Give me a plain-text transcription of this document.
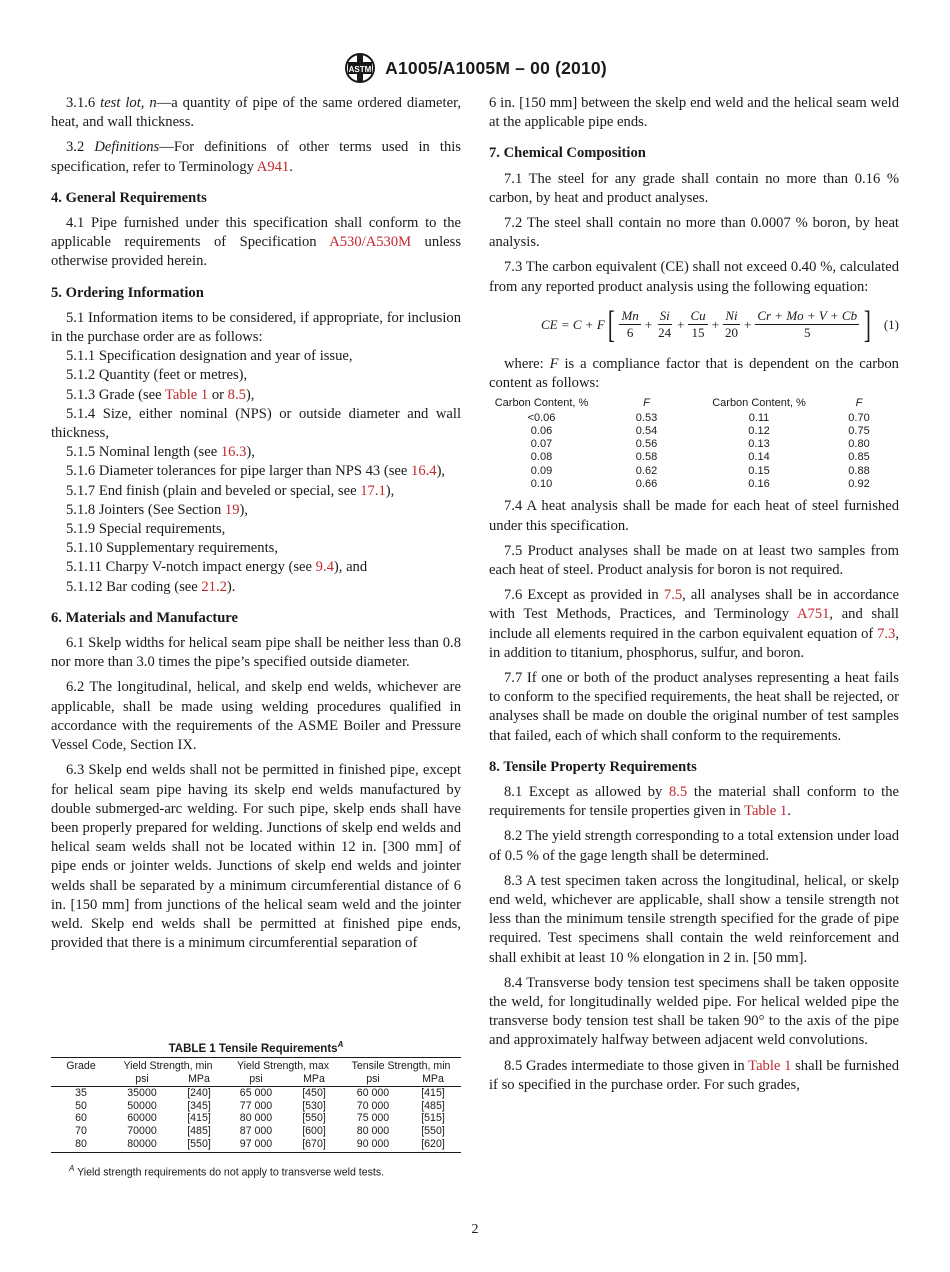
ASTM A1005/A1005M – 00 (2010)

3.1.6 test lot, n—a quantity of pipe of the same ordered diameter, heat, and wall thickness.

3.2 Definitions—For definitions of other terms used in this specification, refer to Terminology A941.

4. General Requirements

4.1 Pipe furnished under this specification shall conform to the applicable requirements of Specification A530/A530M unless otherwise provided herein.

5. Ordering Information

5.1 Information items to be considered, if appropriate, for inclusion in the purchase order are as follows:

5.1.1 Specification designation and year of issue,

5.1.2 Quantity (feet or metres),

5.1.3 Grade (see Table 1 or 8.5),

5.1.4 Size, either nominal (NPS) or outside diameter and wall thickness,

5.1.5 Nominal length (see 16.3),

5.1.6 Diameter tolerances for pipe larger than NPS 43 (see 16.4),

5.1.7 End finish (plain and beveled or special, see 17.1),

5.1.8 Jointers (See Section 19),

5.1.9 Special requirements,

5.1.10 Supplementary requirements,

5.1.11 Charpy V-notch impact energy (see 9.4), and

5.1.12 Bar coding (see 21.2).

6. Materials and Manufacture

6.1 Skelp widths for helical seam pipe shall be neither less than 0.8 nor more than 3.0 times the pipe’s specified outside diameter.

6.2 The longitudinal, helical, and skelp end welds, whichever are applicable, shall be made using welding procedures qualified in accordance with the requirements of the ASME Boiler and Pressure Vessel Code, Section IX.

6.3 Skelp end welds shall not be permitted in finished pipe, except for helical seam pipe having its skelp end welds manufactured by double submerged-arc welding. For such pipe, skelp ends shall have been properly prepared for welding. Junctions of skelp end welds and helical seam welds shall not be located within 12 in. [300 mm] of pipe ends or jointer welds. Junctions of skelp end welds and jointer welds shall be separated by a minimum circumferential distance of 6 in. [150 mm] from junctions of the helical seam weld and the jointer weld. Skelp end welds shall be permitted at finished pipe ends, provided that there is a minimum circumferential separation of

TABLE 1 Tensile Requirements$^A$
Grade	Yield Strength, min		Yield Strength, max		Tensile Strength, min	
	psi	MPa	psi	MPa	psi	MPa
35	35000	[240]	65 000	[450]	60 000	[415]
50	50000	[345]	77 000	[530]	70 000	[485]
60	60000	[415]	80 000	[550]	75 000	[515]
70	70000	[485]	87 000	[600]	80 000	[550]
80	80000	[550]	97 000	[670]	90 000	[620]
$^A$ Yield strength requirements do not apply to transverse weld tests.

6 in. [150 mm] between the skelp end weld and the helical seam weld at the applicable pipe ends.

7. Chemical Composition

7.1 The steel for any grade shall contain no more than 0.16 % carbon, by heat and product analyses.

7.2 The steel shall contain no more than 0.0007 % boron, by heat analysis.

7.3 The carbon equivalent (CE) shall not exceed 0.40 %, calculated from any reported product analysis using the following equation:

CE = C + F [ $\frac{Mn}{6} + \frac{Si}{24} + \frac{Cu}{15} + \frac{Ni}{20} + \frac{Cr + Mo + V + Cb}{5}$ ] (1)

where: F is a compliance factor that is dependent on the carbon content as follows:

Carbon Content, %	F	Carbon Content, %	F
<0.06	0.53	0.11	0.70
0.06	0.54	0.12	0.75
0.07	0.56	0.13	0.80
0.08	0.58	0.14	0.85
0.09	0.62	0.15	0.88
0.10	0.66	0.16	0.92

7.4 A heat analysis shall be made for each heat of steel furnished under this specification.

7.5 Product analyses shall be made on at least two samples from each heat of steel. Product analysis for boron is not required.

7.6 Except as provided in 7.5, all analyses shall be in accordance with Test Methods, Practices, and Terminology A751, and shall include all elements required in the carbon equivalent equation of 7.3, in addition to titanium, phosphorus, sulfur, and boron.

7.7 If one or both of the product analyses representing a heat fails to conform to the specified requirements, the heat shall be rejected, or analyses shall be made on double the original number of test samples that failed, each of which shall conform to the requirements.

8. Tensile Property Requirements

8.1 Except as allowed by 8.5 the material shall conform to the requirements for tensile properties given in Table 1.

8.2 The yield strength corresponding to a total extension under load of 0.5 % of the gage length shall be determined.

8.3 A test specimen taken across the longitudinal, helical, or skelp end weld, whichever are applicable, shall show a tensile strength not less than the minimum tensile strength specified for the grade of pipe required. Test specimens shall contain the weld reinforcement and shall exhibit at least 10 % elongation in 2 in. [50 mm].

8.4 Transverse body tension test specimens shall be taken opposite the weld, for longitudinally welded pipe. For helical welded pipe the transverse body tension test shall be taken 90° to the axis of the pipe and approximately halfway between adjacent weld convolutions.

8.5 Grades intermediate to those given in Table 1 shall be furnished if so specified in the purchase order. For such grades,

2
